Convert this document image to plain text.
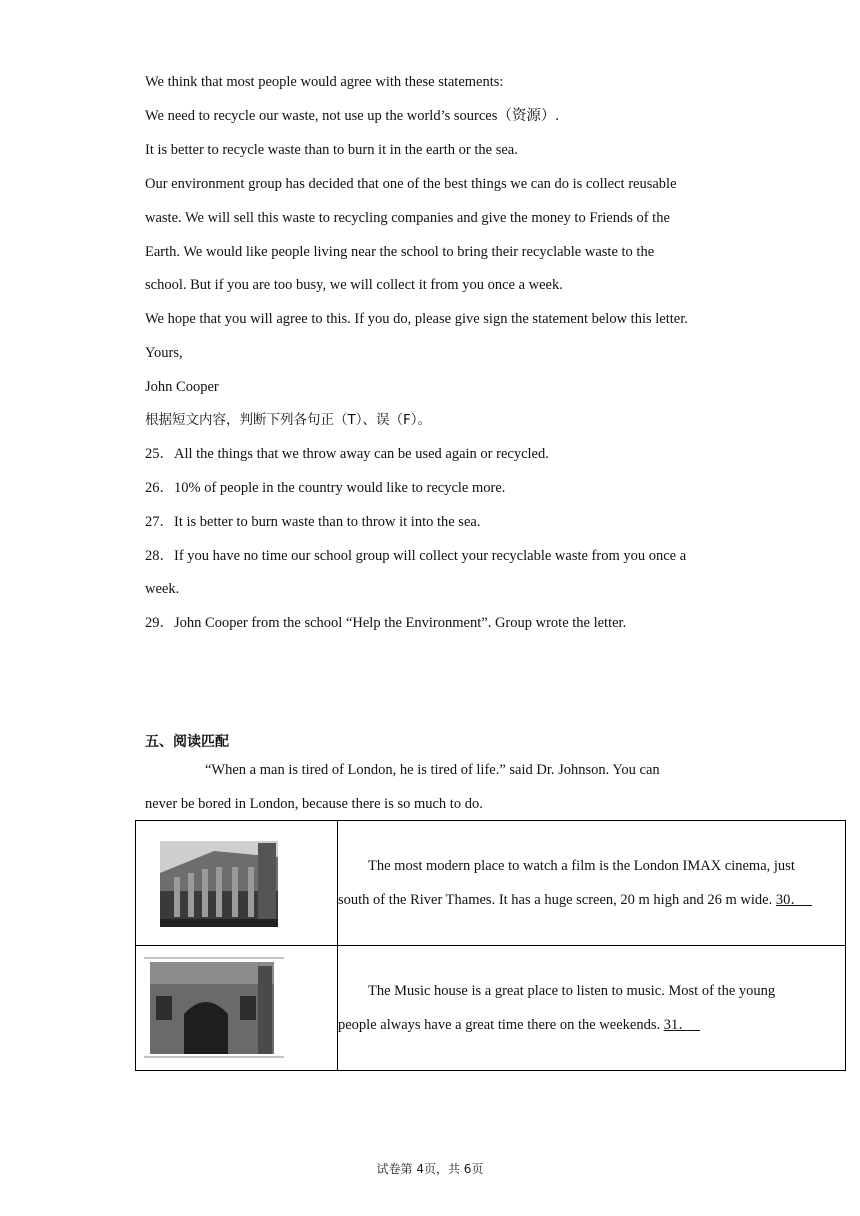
We think that most people would agree with these statements:
We need to recycle our waste, not use up the world’s sources（资源）.
It is better to recycle waste than to burn it in the earth or the sea.
Our environment group has decided that one of the best things we can do is collect reusable
waste. We will sell this waste to recycling companies and give the money to Friends of the
Earth. We would like people living near the school to bring their recyclable waste to the
school. But if you are too busy, we will collect it from you once a week.
We hope that you will agree to this. If you do, please give sign the statement below this letter.
Yours,
John Cooper
根据短文内容，判断下列各句正（T）、误（F）。
25．All the things that we throw away can be used again or recycled.
26．10% of people in the country would like to recycle more.
27．It is better to burn waste than to throw it into the sea.
28．If you have no time our school group will collect your recyclable waste from you once a
week.
29．John Cooper from the school “Help the Environment”. Group wrote the letter.
五、阅读匹配
“When a man is tired of London, he is tired of life.” said Dr. Johnson. You can
never be bored in London, because there is so much to do.

The most modern place to watch a film is the London IMAX cinema, just
south of the River Thames. It has a huge screen, 20 m high and 26 m wide. 30．

The Music house is a great place to listen to music. Most of the young
people always have a great time there on the weekends. 31．
试卷第 4页，共 6页
